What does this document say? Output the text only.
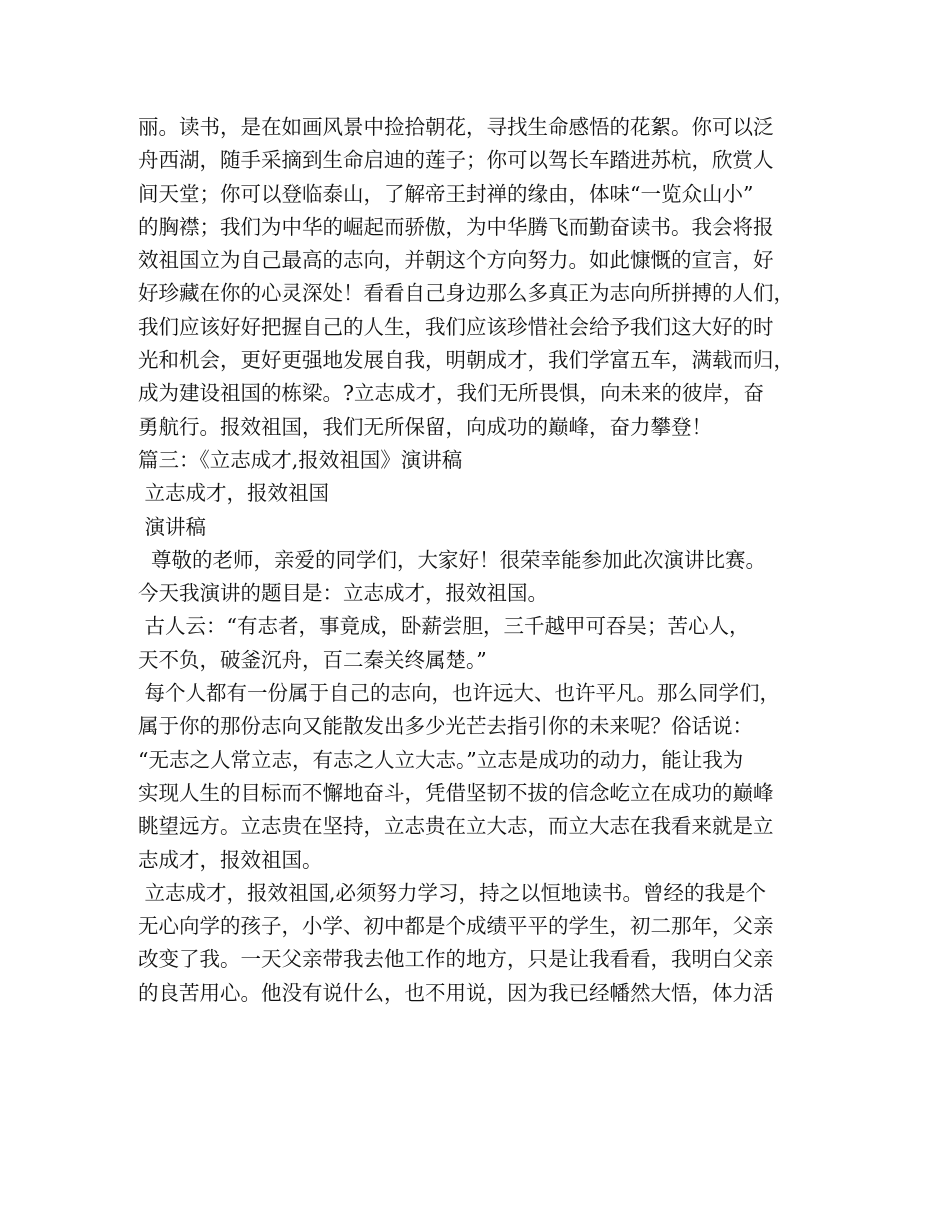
丽。读书，是在如画风景中捡拾朝花，寻找生命感悟的花絮。你可以泛
舟西湖，随手采摘到生命启迪的莲子；你可以驾长车踏进苏杭，欣赏人
间天堂；你可以登临泰山，了解帝王封禅的缘由，体味“一览众山小”
的胸襟；我们为中华的崛起而骄傲，为中华腾飞而勤奋读书。我会将报
效祖国立为自己最高的志向，并朝这个方向努力。如此慷慨的宣言，好
好珍藏在你的心灵深处！看看自己身边那么多真正为志向所拼搏的人们，
我们应该好好把握自己的人生，我们应该珍惜社会给予我们这大好的时
光和机会，更好更强地发展自我，明朝成才，我们学富五车，满载而归，
成为建设祖国的栋梁。?立志成才，我们无所畏惧，向未来的彼岸，奋
勇航行。报效祖国，我们无所保留，向成功的巅峰，奋力攀登！
篇三：《立志成才,报效祖国》演讲稿
立志成才，报效祖国
演讲稿
尊敬的老师，亲爱的同学们，大家好！很荣幸能参加此次演讲比赛。
今天我演讲的题目是：立志成才，报效祖国。
古人云：“有志者，事竟成，卧薪尝胆，三千越甲可吞吴；苦心人，
天不负，破釜沉舟，百二秦关终属楚。”
每个人都有一份属于自己的志向，也许远大、也许平凡。那么同学们，
属于你的那份志向又能散发出多少光芒去指引你的未来呢？俗话说：
“无志之人常立志，有志之人立大志。”立志是成功的动力，能让我为
实现人生的目标而不懈地奋斗，凭借坚韧不拔的信念屹立在成功的巅峰
眺望远方。立志贵在坚持，立志贵在立大志，而立大志在我看来就是立
志成才，报效祖国。
立志成才，报效祖国,必须努力学习，持之以恒地读书。曾经的我是个
无心向学的孩子，小学、初中都是个成绩平平的学生，初二那年，父亲
改变了我。一天父亲带我去他工作的地方，只是让我看看，我明白父亲
的良苦用心。他没有说什么，也不用说，因为我已经幡然大悟，体力活
